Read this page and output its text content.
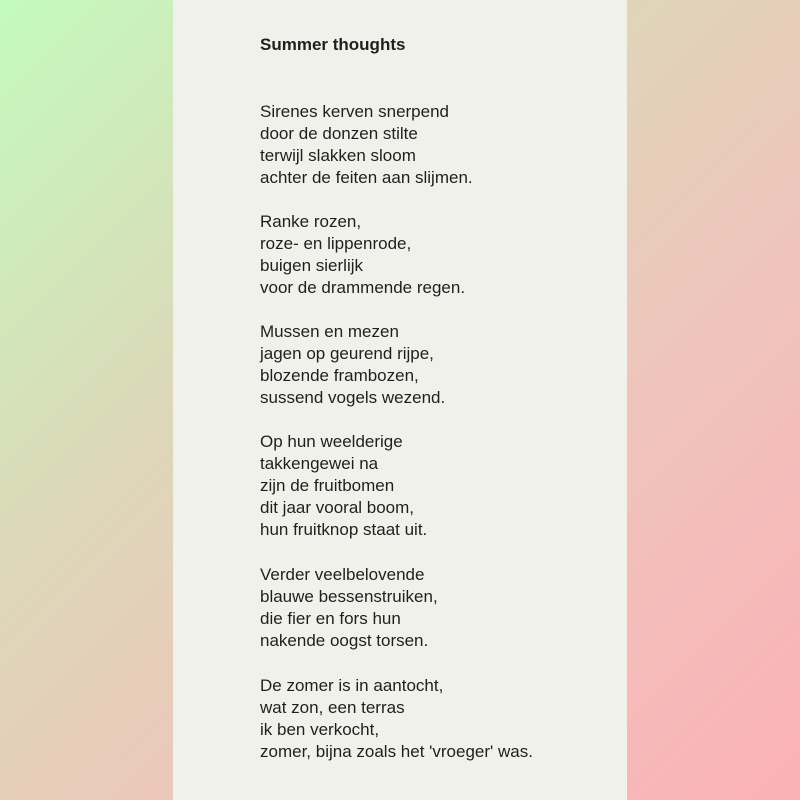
Summer thoughts
Sirenes kerven snerpend
door de donzen stilte
terwijl slakken sloom
achter de feiten aan slijmen.
Ranke rozen,
roze- en lippenrode,
buigen sierlijk
voor de drammende regen.
Mussen en mezen
jagen op geurend rijpe,
blozende frambozen,
sussend vogels wezend.
Op hun weelderige
takkengewei na
zijn de fruitbomen
dit jaar vooral boom,
hun fruitknop staat uit.
Verder veelbelovende
blauwe bessenstruiken,
die fier en fors hun
nakende oogst torsen.
De zomer is in aantocht,
wat zon, een terras
ik ben verkocht,
zomer, bijna zoals het 'vroeger' was.
